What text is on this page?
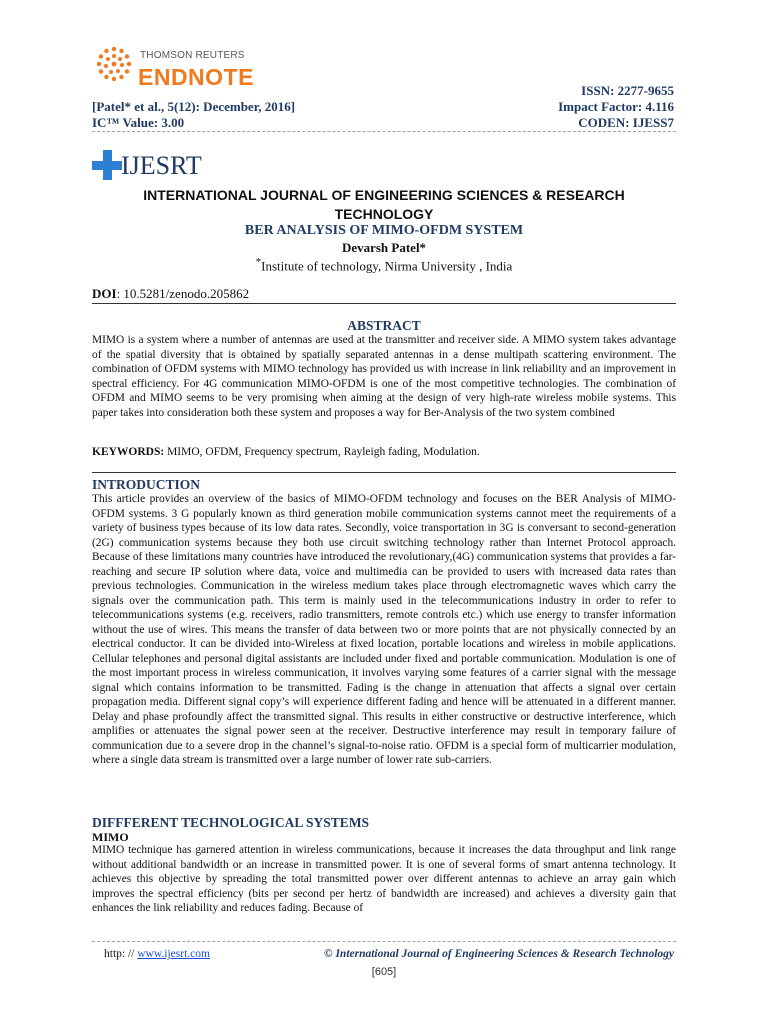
THOMSON REUTERS
ENDNOTE
[Patel* et al., 5(12): December, 2016]
IC™ Value: 3.00
ISSN: 2277-9655
Impact Factor: 4.116
CODEN: IJESS7
IJESRT
INTERNATIONAL JOURNAL OF ENGINEERING SCIENCES & RESEARCH TECHNOLOGY
BER ANALYSIS OF MIMO-OFDM SYSTEM
Devarsh Patel*
*Institute of technology, Nirma University , India
DOI: 10.5281/zenodo.205862
ABSTRACT
MIMO is a system where a number of antennas are used at the transmitter and receiver side. A MIMO system takes advantage of the spatial diversity that is obtained by spatially separated antennas in a dense multipath scattering environment. The combination of OFDM systems with MIMO technology has provided us with increase in link reliability and an improvement in spectral efficiency. For 4G communication MIMO-OFDM is one of the most competitive technologies. The combination of OFDM and MIMO seems to be very promising when aiming at the design of very high-rate wireless mobile systems. This paper takes into consideration both these system and proposes a way for Ber-Analysis of the two system combined
KEYWORDS: MIMO, OFDM, Frequency spectrum, Rayleigh fading, Modulation.
INTRODUCTION
This article provides an overview of the basics of MIMO-OFDM technology and focuses on the BER Analysis of MIMO-OFDM systems. 3 G popularly known as third generation mobile communication systems cannot meet the requirements of a variety of business types because of its low data rates. Secondly, voice transportation in 3G is conversant to second-generation (2G) communication systems because they both use circuit switching technology rather than Internet Protocol approach. Because of these limitations many countries have introduced the revolutionary,(4G) communication systems that provides a far-reaching and secure IP solution where data, voice and multimedia can be provided to users with increased data rates than previous technologies. Communication in the wireless medium takes place through electromagnetic waves which carry the signals over the communication path. This term is mainly used in the telecommunications industry in order to refer to telecommunications systems (e.g. receivers, radio transmitters, remote controls etc.) which use energy to transfer information without the use of wires. This means the transfer of data between two or more points that are not physically connected by an electrical conductor. It can be divided into-Wireless at fixed location, portable locations and wireless in mobile applications. Cellular telephones and personal digital assistants are included under fixed and portable communication. Modulation is one of the most important process in wireless communication, it involves varying some features of a carrier signal with the message signal which contains information to be transmitted. Fading is the change in attenuation that affects a signal over certain propagation media. Different signal copy’s will experience different fading and hence will be attenuated in a different manner. Delay and phase profoundly affect the transmitted signal. This results in either constructive or destructive interference, which amplifies or attenuates the signal power seen at the receiver. Destructive interference may result in temporary failure of communication due to a severe drop in the channel’s signal-to-noise ratio. OFDM is a special form of multicarrier modulation, where a single data stream is transmitted over a large number of lower rate sub-carriers.
DIFFFERENT TECHNOLOGICAL SYSTEMS
MIMO
MIMO technique has garnered attention in wireless communications, because it increases the data throughput and link range without additional bandwidth or an increase in transmitted power. It is one of several forms of smart antenna technology. It achieves this objective by spreading the total transmitted power over different antennas to achieve an array gain which improves the spectral efficiency (bits per second per hertz of bandwidth are increased) and achieves a diversity gain that enhances the link reliability and reduces fading. Because of
http: // www.ijesrt.com	© International Journal of Engineering Sciences & Research Technology
[605]
